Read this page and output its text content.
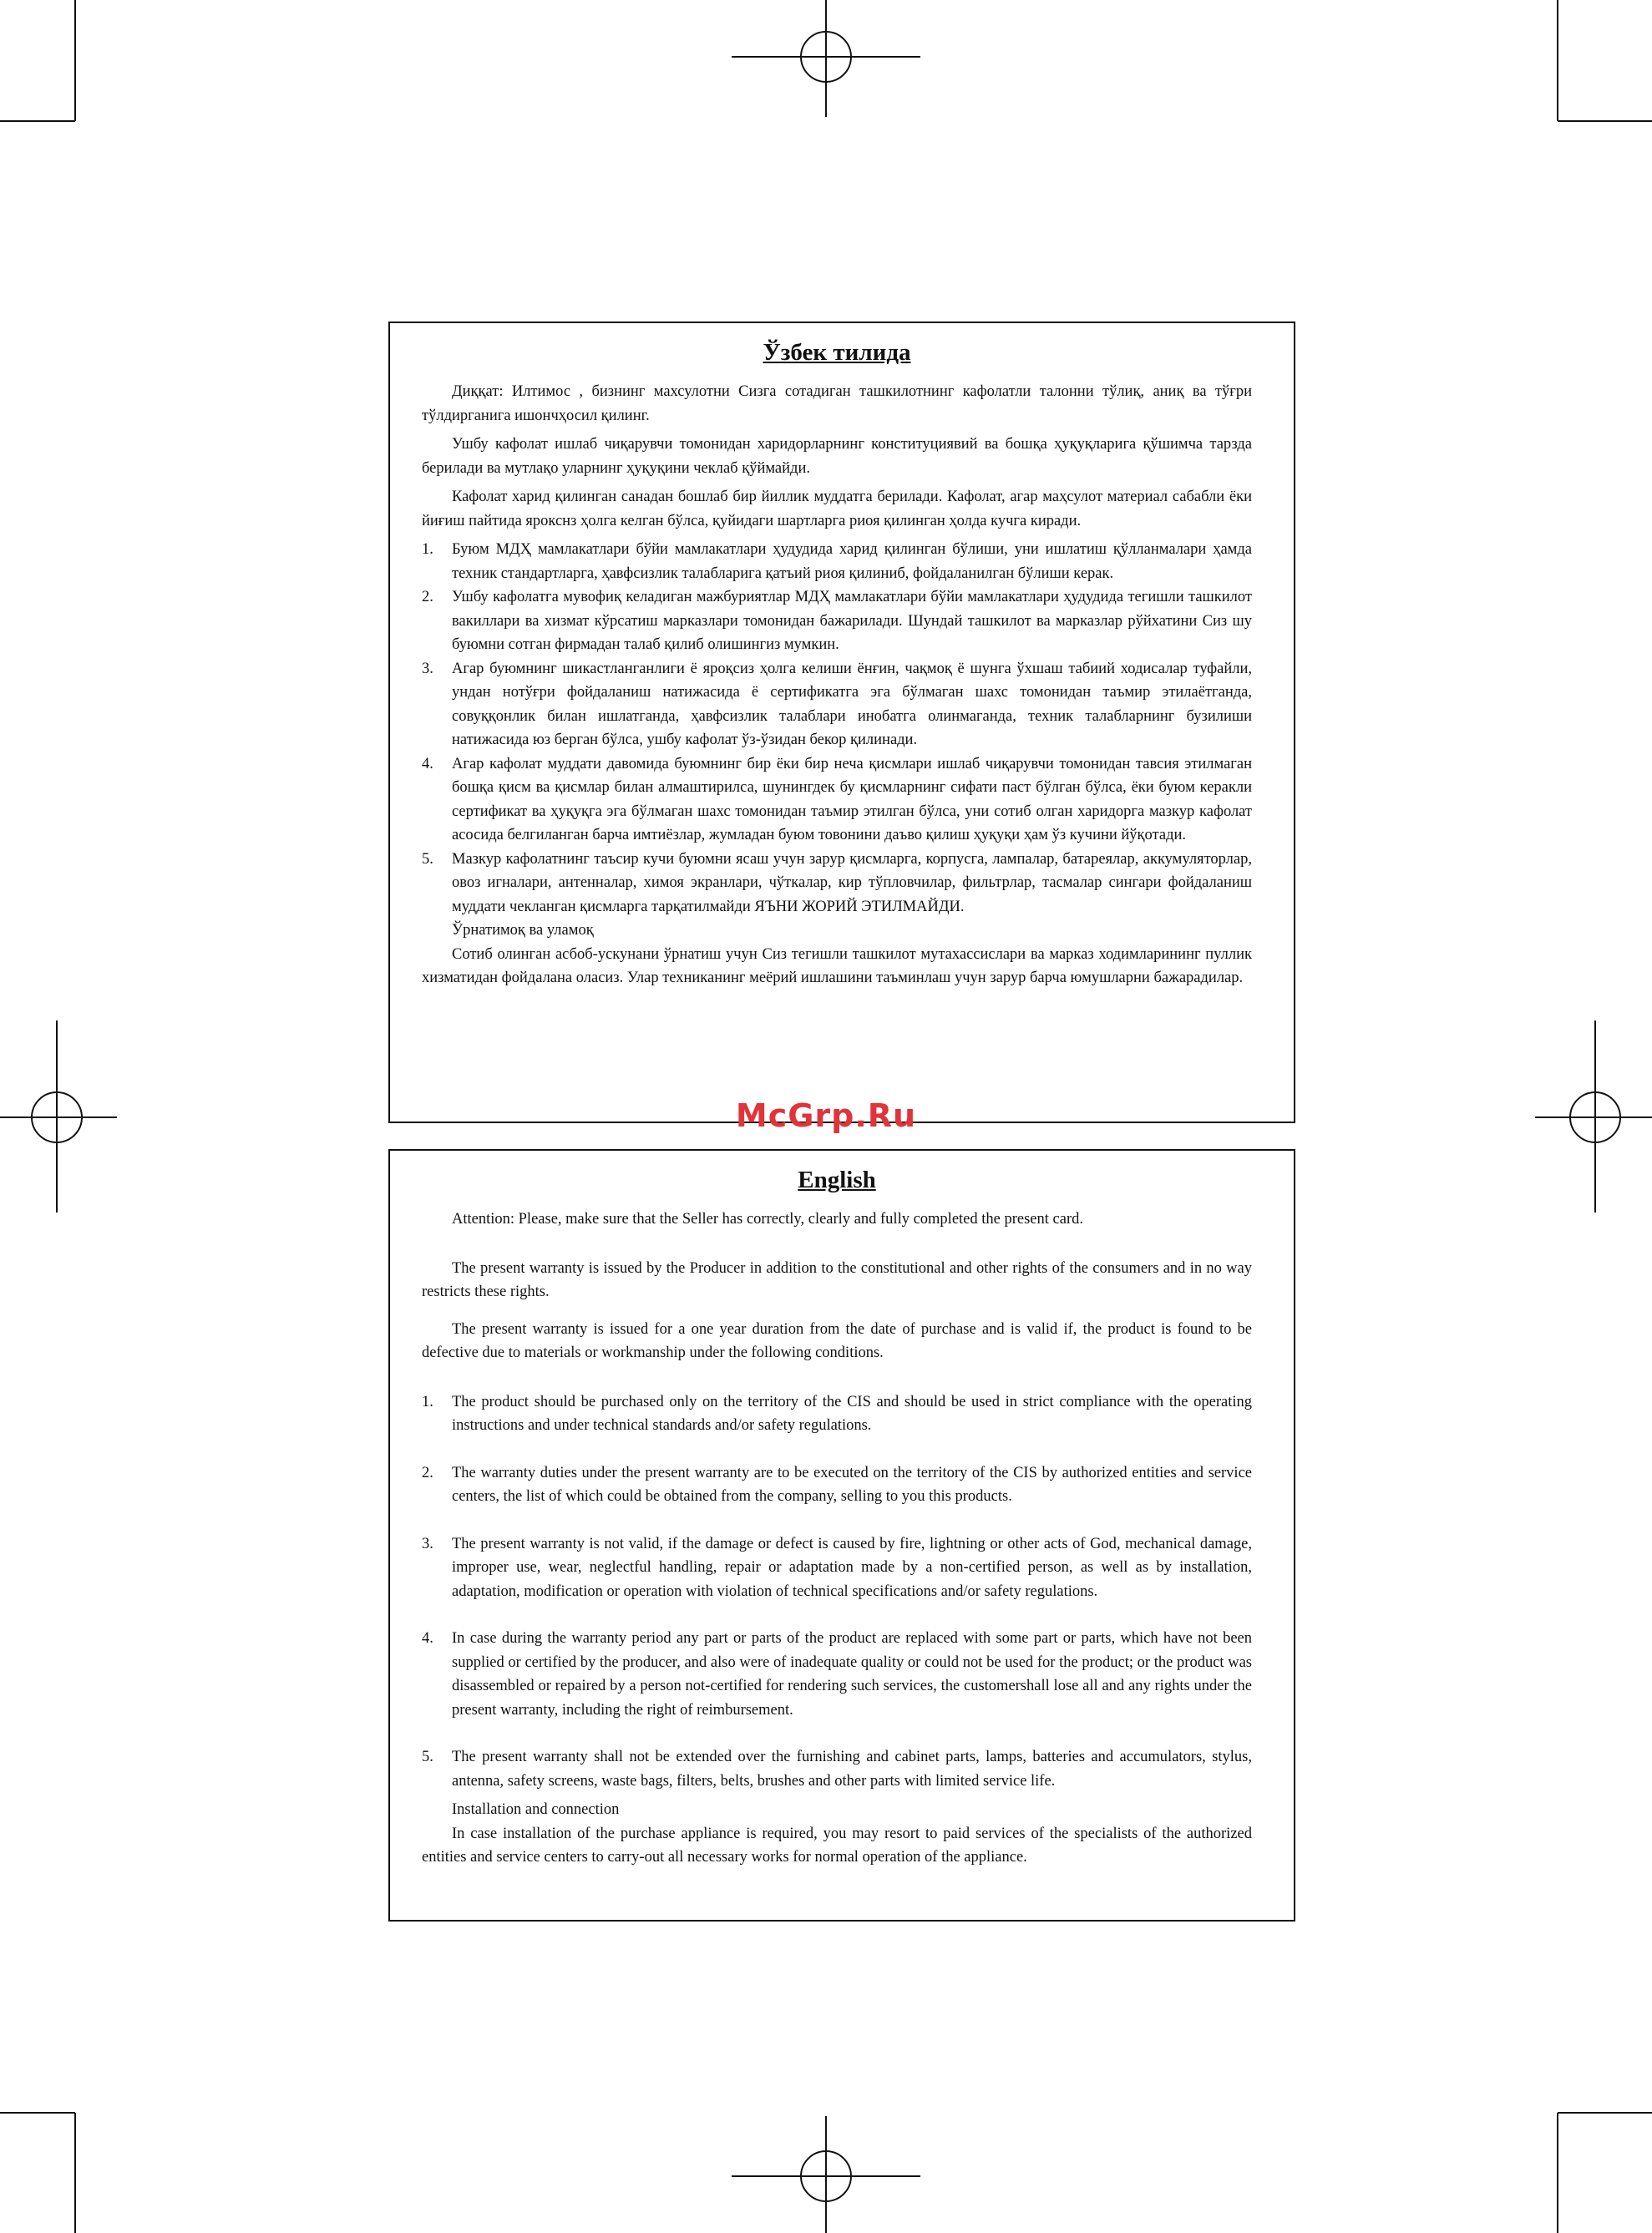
Ўзбек тилида

Диққат: Илтимос , бизнинг махсулотни Сизга сотадиган ташкилотнинг кафолатли талонни тўлиқ, аниқ ва тўғри тўлдирганига ишончҳосил қилинг.

Ушбу кафолат ишлаб чиқарувчи томонидан харидорларнинг конституциявий ва бошқа ҳуқуқларига қўшимча тарзда берилади ва мутлақо уларнинг ҳуқуқини чеклаб қўймайди.

Кафолат харид қилинган санадан бошлаб бир йиллик муддатга берилади. Кафолат, агар маҳсулот материал сабабли ёки йиғиш пайтида ярокснз ҳолга келган бўлса, қуйидаги шартларга риоя қилинган ҳолда кучга киради.

1. Буюм МДҲ мамлакатлари бўйи мамлакатлари ҳудудида харид қилинган бўлиши, уни ишлатиш қўлланмалари ҳамда техник стандартларга, ҳавфсизлик талабларига қатъий риоя қилиниб, фойдаланилган бўлиши керак.
2. Ушбу кафолатга мувофиқ келадиган мажбуриятлар МДҲ мамлакатлари бўйи мамлакатлари ҳудудида тегишли ташкилот вакиллари ва хизмат кўрсатиш марказлари томонидан бажарилади. Шундай ташкилот ва марказлар рўйхатини Сиз шу буюмни сотган фирмадан талаб қилиб олишингиз мумкин.
3. Агар буюмнинг шикастланганлиги ё яроқсиз ҳолга келиши ёнғин, чақмоқ ё шунга ўхшаш табиий ходисалар туфайли, ундан нотўғри фойдаланиш натижасида ё сертификатга эга бўлмаган шахс томонидан таъмир этилаётганда, совуққонлик билан ишлатганда, ҳавфсизлик талаблари инобатга олинмаганда, техник талабларнинг бузилиши натижасида юз берган бўлса, ушбу кафолат ўз-ўзидан бекор қилинади.
4. Агар кафолат муддати давомида буюмнинг бир ёки бир неча қисмлари ишлаб чиқарувчи томонидан тавсия этилмаган бошқа қисм ва қисмлар билан алмаштирилса, шунингдек бу қисмларнинг сифати паст бўлган бўлса, ёки буюм керакли сертификат ва ҳуқуқга эга бўлмаган шахс томонидан таъмир этилган бўлса, уни сотиб олган харидорга мазкур кафолат асосида белгиланган барча имтиёзлар, жумладан буюм товонини даъво қилиш ҳуқуқи ҳам ўз кучини йўқотади.
5. Мазкур кафолатнинг таъсир кучи буюмни ясаш учун зарур қисмларга, корпусга, лампалар, батареялар, аккумуляторлар, овоз игналари, антенналар, химоя экранлари, чўткалар, кир тўпловчилар, фильтрлар, тасмалар сингари фойдаланиш муддати чекланган қисмларга тарқатилмайди ЯЪНИ ЖОРИЙ ЭТИЛМАЙДИ.

Ўрнатимоқ ва уламоқ

Сотиб олинган асбоб-ускунани ўрнатиш учун Сиз тегишли ташкилот мутахассислари ва марказ ходимларининг пуллик хизматидан фойдалана оласиз. Улар техниканинг меёрий ишлашини таъминлаш учун зарур барча юмушларни бажарадилар.

McGrp.Ru
English

Attention: Please, make sure that the Seller has correctly, clearly and fully completed the present card.

The present warranty is issued by the Producer in addition to the constitutional and other rights of the consumers and in no way restricts these rights.

The present warranty is issued for a one year duration from the date of purchase and is valid if, the product is found to be defective due to materials or workmanship under the following conditions.

1. The product should be purchased only on the territory of the CIS and should be used in strict compliance with the operating instructions and under technical standards and/or safety regulations.
2. The warranty duties under the present warranty are to be executed on the territory of the CIS by authorized entities and service centers, the list of which could be obtained from the company, selling to you this products.
3. The present warranty is not valid, if the damage or defect is caused by fire, lightning or other acts of God, mechanical damage, improper use, wear, neglectful handling, repair or adaptation made by a non-certified person, as well as by installation, adaptation, modification or operation with violation of technical specifications and/or safety regulations.
4. In case during the warranty period any part or parts of the product are replaced with some part or parts, which have not been supplied or certified by the producer, and also were of inadequate quality or could not be used for the product; or the product was disassembled or repaired by a person not-certified for rendering such services, the customershall lose all and any rights under the present warranty, including the right of reimbursement.
5. The present warranty shall not be extended over the furnishing and cabinet parts, lamps, batteries and accumulators, stylus, antenna, safety screens, waste bags, filters, belts, brushes and other parts with limited service life.

Installation and connection

In case installation of the purchase appliance is required, you may resort to paid services of the specialists of the authorized entities and service centers to carry-out all necessary works for normal operation of the appliance.
